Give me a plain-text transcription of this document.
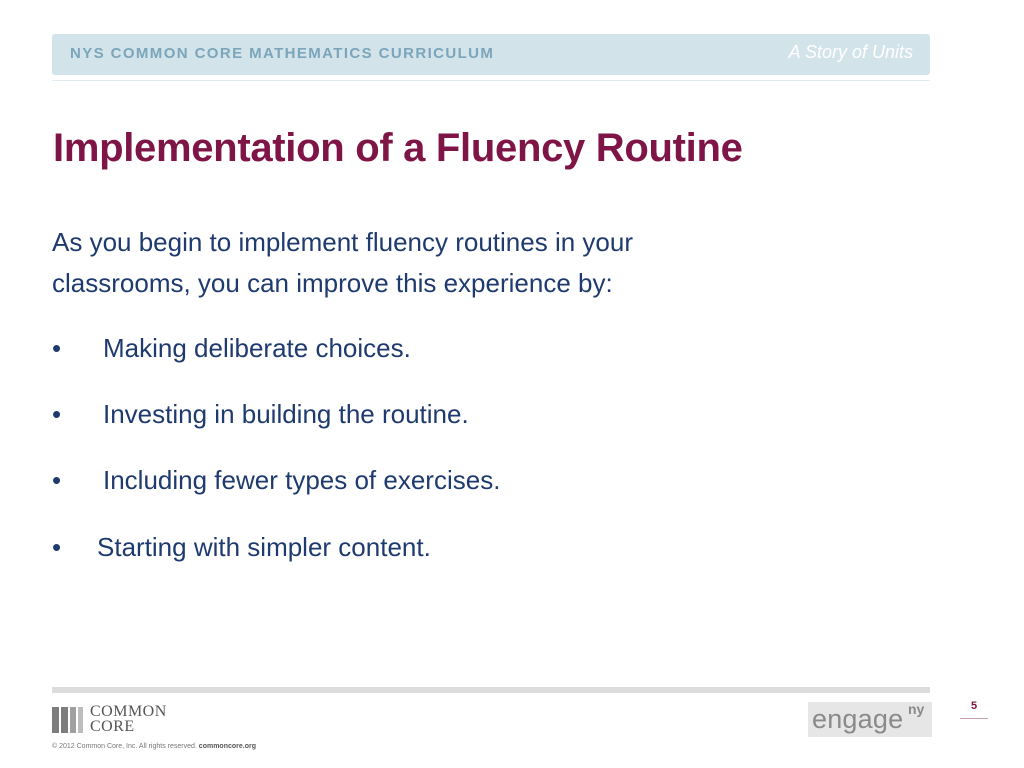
NYS COMMON CORE MATHEMATICS CURRICULUM	A Story of Units
Implementation of a Fluency Routine

As you begin to implement fluency routines in your
classrooms, you can improve this experience by:

• Making deliberate choices.
• Investing in building the routine.
• Including fewer types of exercises.
• Starting with simpler content.
COMMON
CORE
© 2012 Common Core, Inc. All rights reserved. commoncore.org
engage ny	5
